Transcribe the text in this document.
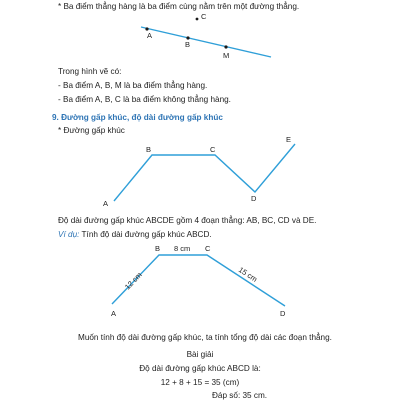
* Ba điểm thẳng hàng là ba điểm cùng nằm trên một đường thẳng.
Trong hình vẽ có:
- Ba điểm A, B, M là ba điểm thẳng hàng.
- Ba điểm A, B, C là ba điểm không thẳng hàng.
9. Đường gấp khúc, độ dài đường gấp khúc
* Đường gấp khúc
Độ dài đường gấp khúc ABCDE gồm 4 đoạn thẳng: AB, BC, CD và DE.
Ví dụ: Tính độ dài đường gấp khúc ABCD.
Muốn tính độ dài đường gấp khúc, ta tính tổng độ dài các đoạn thẳng.
Bài giải
Độ dài đường gấp khúc ABCD là:
12 + 8 + 15 = 35 (cm)
Đáp số: 35 cm.
A
B
M
C
A
B	C
D
E
A
B	C
D
8 cm
12 cm	15 cm
